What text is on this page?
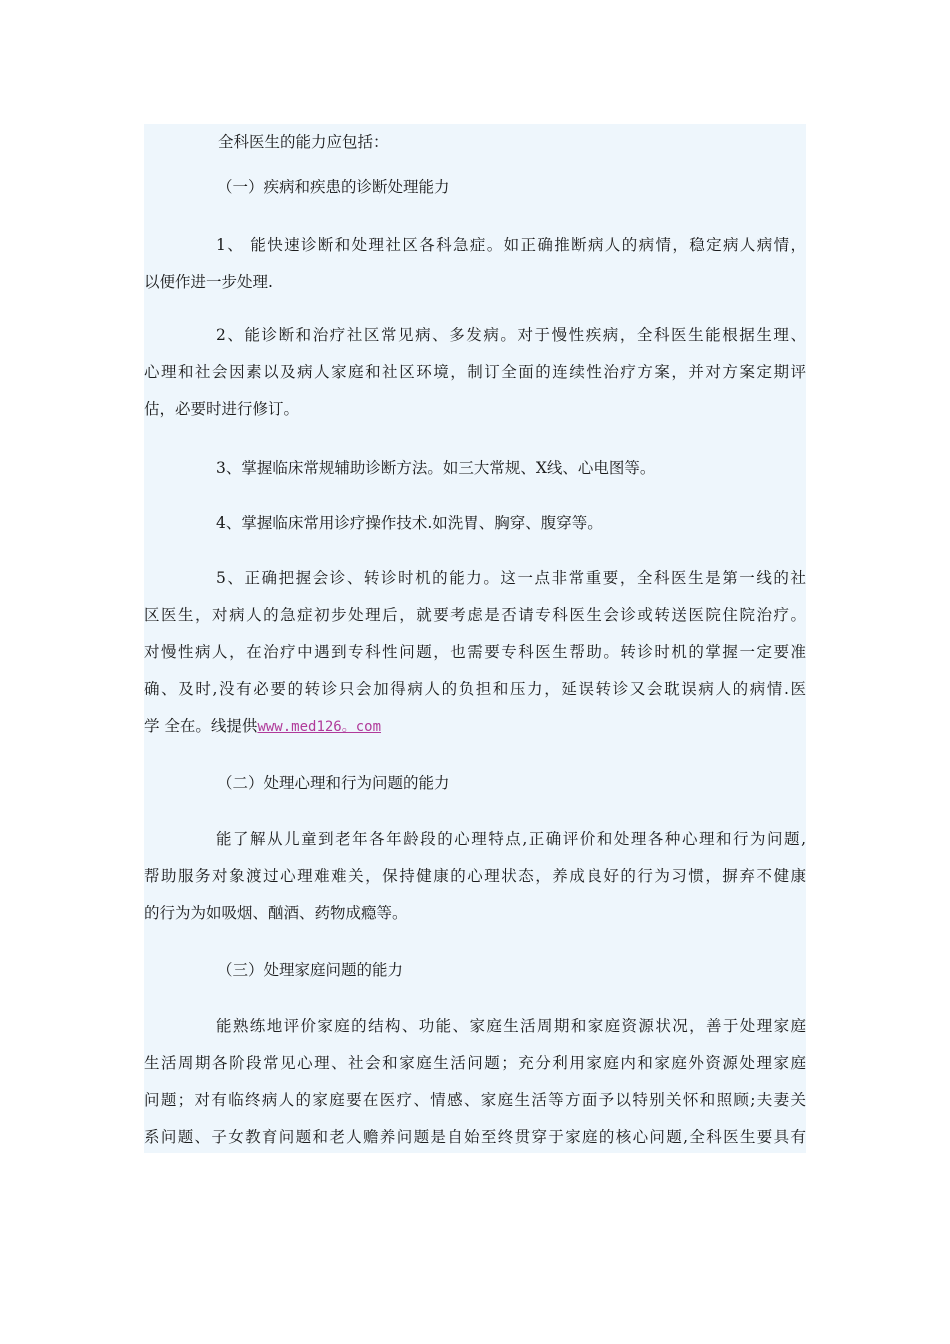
全科医生的能力应包括：
（一）疾病和疾患的诊断处理能力
1、 能快速诊断和处理社区各科急症。如正确推断病人的病情，稳定病人病情，
以便作进一步处理.
2、能诊断和治疗社区常见病、多发病。对于慢性疾病，全科医生能根据生理、
心理和社会因素以及病人家庭和社区环境，制订全面的连续性治疗方案，并对方案定期评
估，必要时进行修订。
3、掌握临床常规辅助诊断方法。如三大常规、X线、心电图等。
4、掌握临床常用诊疗操作技术.如洗胃、胸穿、腹穿等。
5、正确把握会诊、转诊时机的能力。这一点非常重要，全科医生是第一线的社
区医生，对病人的急症初步处理后，就要考虑是否请专科医生会诊或转送医院住院治疗。
对慢性病人，在治疗中遇到专科性问题，也需要专科医生帮助。转诊时机的掌握一定要准
确、及时,没有必要的转诊只会加得病人的负担和压力，延误转诊又会耽误病人的病情.医
学 全在。线提供www.med126。com
（二）处理心理和行为问题的能力
能了解从儿童到老年各年龄段的心理特点,正确评价和处理各种心理和行为问题,
帮助服务对象渡过心理难难关，保持健康的心理状态，养成良好的行为习惯，摒弃不健康
的行为为如吸烟、酗酒、药物成瘾等。
（三）处理家庭问题的能力
能熟练地评价家庭的结构、功能、家庭生活周期和家庭资源状况，善于处理家庭
生活周期各阶段常见心理、社会和家庭生活问题；充分利用家庭内和家庭外资源处理家庭
问题；对有临终病人的家庭要在医疗、情感、家庭生活等方面予以特别关怀和照顾;夫妻关
系问题、子女教育问题和老人赡养问题是自始至终贯穿于家庭的核心问题,全科医生要具有
